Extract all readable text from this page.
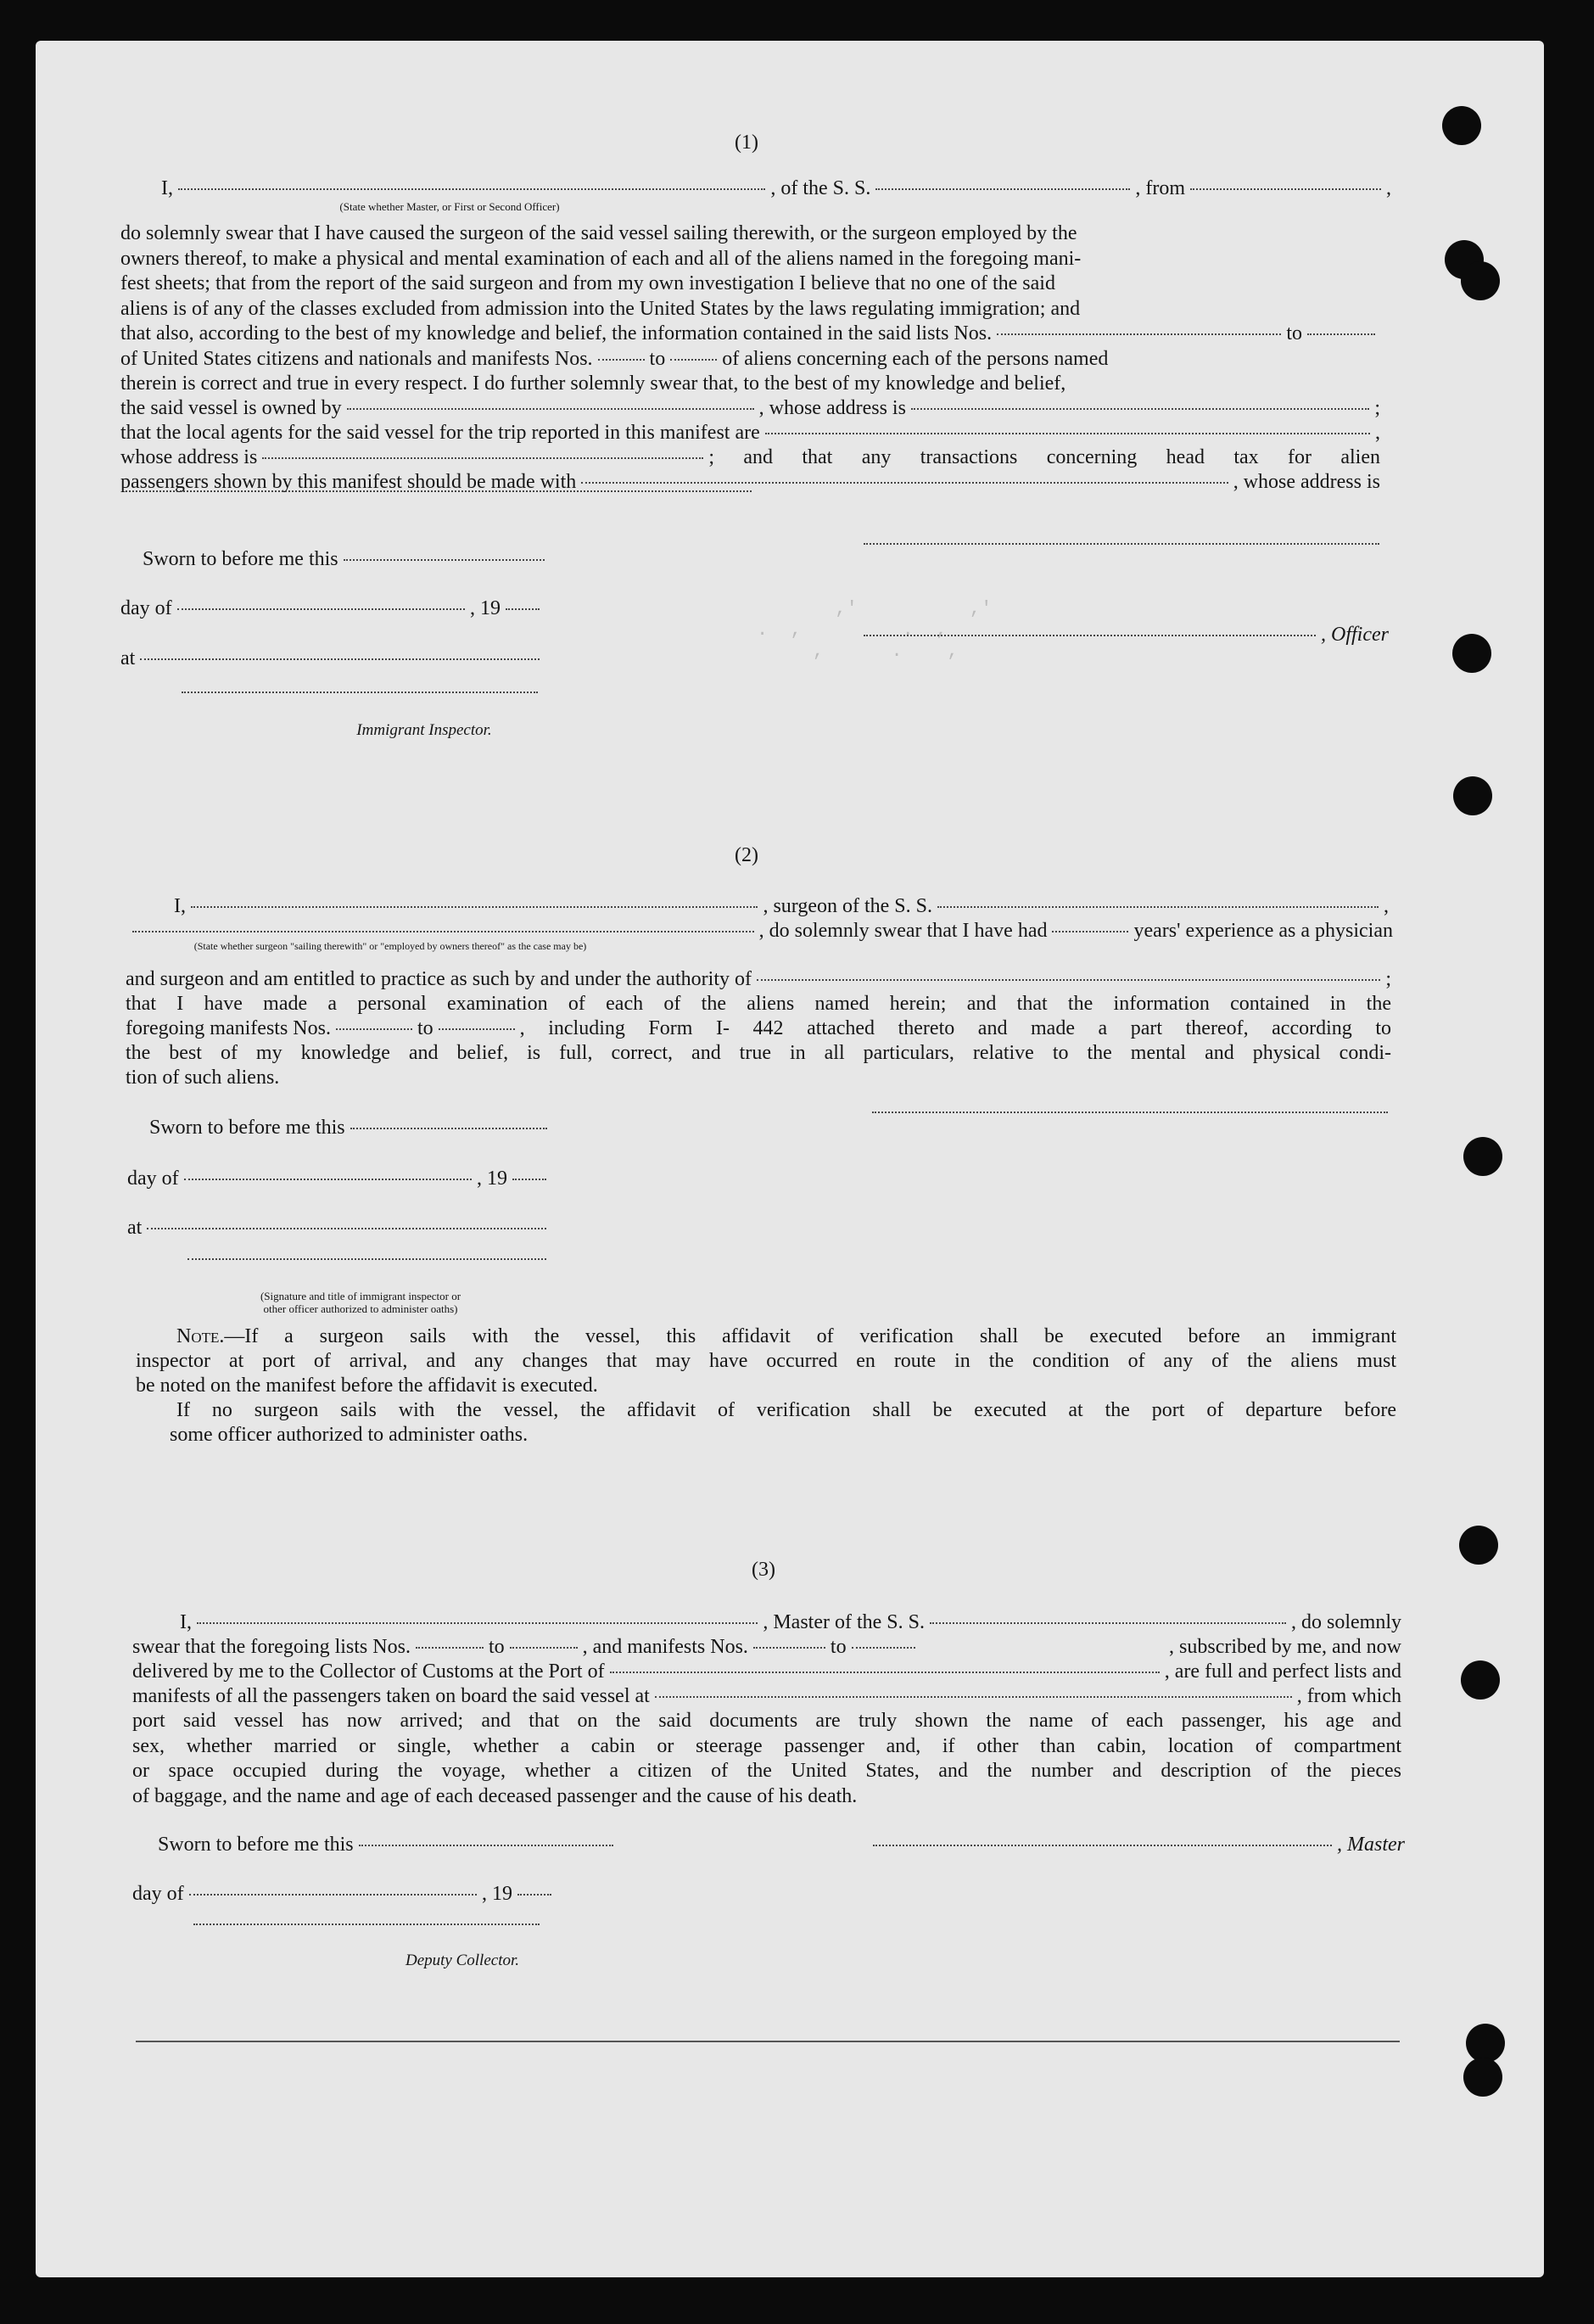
,'          ,'
.  ,         .  ,
,      .    ,
(1)
I,	, of the S. S.	, from	,
(State whether Master, or First or Second Officer)
do solemnly swear that I have caused the surgeon of the said vessel sailing therewith, or the surgeon employed by the
owners thereof, to make a physical and mental examination of each and all of the aliens named in the foregoing mani-
fest sheets; that from the report of the said surgeon and from my own investigation I believe that no one of the said
aliens is of any of the classes excluded from admission into the United States by the laws regulating immigration; and
that also, according to the best of my knowledge and belief, the information contained in the said lists Nos.	to
of United States citizens and nationals and manifests Nos.	to	of aliens concerning each of the persons named
therein is correct and true in every respect. I do further solemnly swear that, to the best of my knowledge and belief,
the said vessel is owned by	, whose address is	;
that the local agents for the said vessel for the trip reported in this manifest are	,
whose address is	; and that any transactions concerning head tax for alien
passengers shown by this manifest should be made with	, whose address is
Sworn to before me this
day of	, 19
, Officer
at
Immigrant Inspector.
(2)
I,	, surgeon of the S. S.	,
, do solemnly swear that I have had	years' experience as a physician
(State whether surgeon "sailing therewith" or "employed by owners thereof" as the case may be)
and surgeon and am entitled to practice as such by and under the authority of	;
that I have made a personal examination of each of the aliens named herein; and that the information contained in the
foregoing manifests Nos.	to	, including Form I- 442 attached thereto and made a part thereof, according to
the best of my knowledge and belief, is full, correct, and true in all particulars, relative to the mental and physical condi-
tion of such aliens.
Sworn to before me this
day of	, 19
at
(Signature and title of immigrant inspector or
other officer authorized to administer oaths)
Note. —If a surgeon sails with the vessel, this affidavit of verification shall be executed before an immigrant
inspector at port of arrival, and any changes that may have occurred en route in the condition of any of the aliens must
be noted on the manifest before the affidavit is executed.
If no surgeon sails with the vessel, the affidavit of verification shall be executed at the port of departure before
some officer authorized to administer oaths.
(3)
I,	, Master of the S. S.	, do solemnly
swear that the foregoing lists Nos.	to	, and manifests Nos.	to	, subscribed by me, and now
delivered by me to the Collector of Customs at the Port of	, are full and perfect lists and
manifests of all the passengers taken on board the said vessel at	, from which
port said vessel has now arrived; and that on the said documents are truly shown the name of each passenger, his age and
sex, whether married or single, whether a cabin or steerage passenger and, if other than cabin, location of compartment
or space occupied during the voyage, whether a citizen of the United States, and the number and description of the pieces
of baggage, and the name and age of each deceased passenger and the cause of his death.
Sworn to before me this	, Master
day of	, 19
Deputy Collector.
